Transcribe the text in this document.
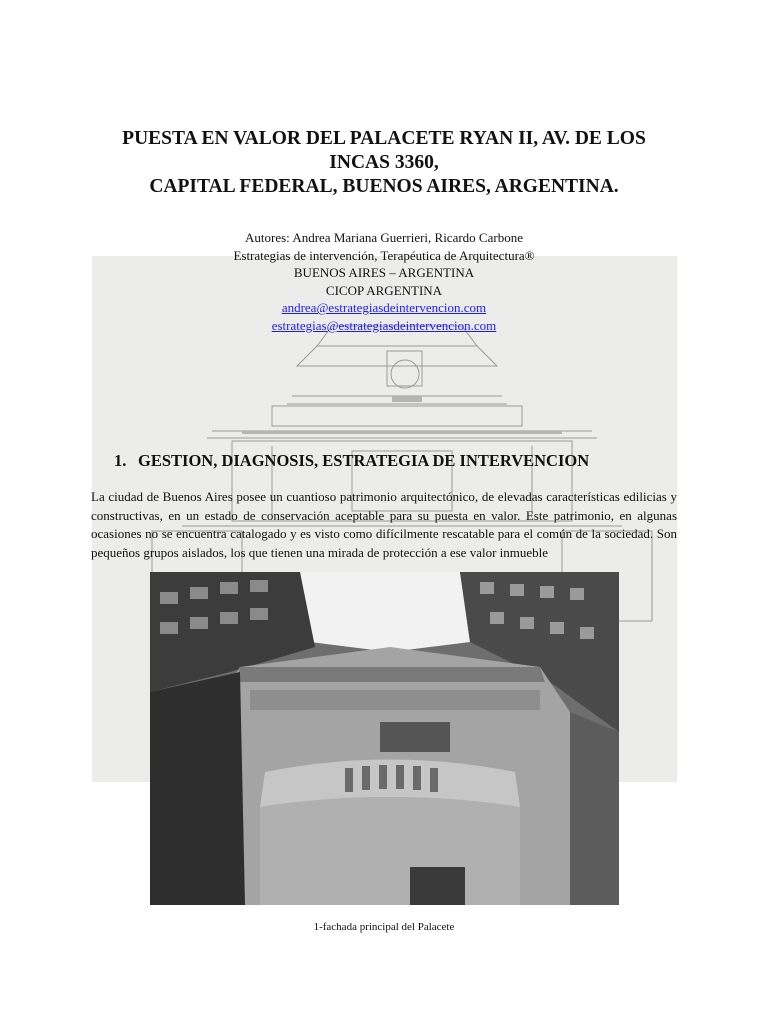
PUESTA EN VALOR DEL PALACETE RYAN II, AV. DE LOS
INCAS 3360,
CAPITAL FEDERAL, BUENOS AIRES, ARGENTINA.
Autores: Andrea Mariana Guerrieri, Ricardo Carbone
Estrategias de intervención, Terapéutica de Arquitectura®
BUENOS AIRES – ARGENTINA
CICOP ARGENTINA
andrea@estrategiasdeintervencion.com
estrategias@estrategiasdeintervencion.com
1. GESTION, DIAGNOSIS, ESTRATEGIA DE INTERVENCION

La ciudad de Buenos Aires posee un cuantioso patrimonio arquitectónico, de elevadas características edilicias y constructivas, en un estado de conservación aceptable para su puesta en valor. Este patrimonio, en algunas ocasiones no se encuentra catalogado y es visto como difícilmente rescatable para el común de la sociedad. Son pequeños grupos aislados, los que tienen una mirada de protección a ese valor inmueble

1-fachada principal del Palacete
